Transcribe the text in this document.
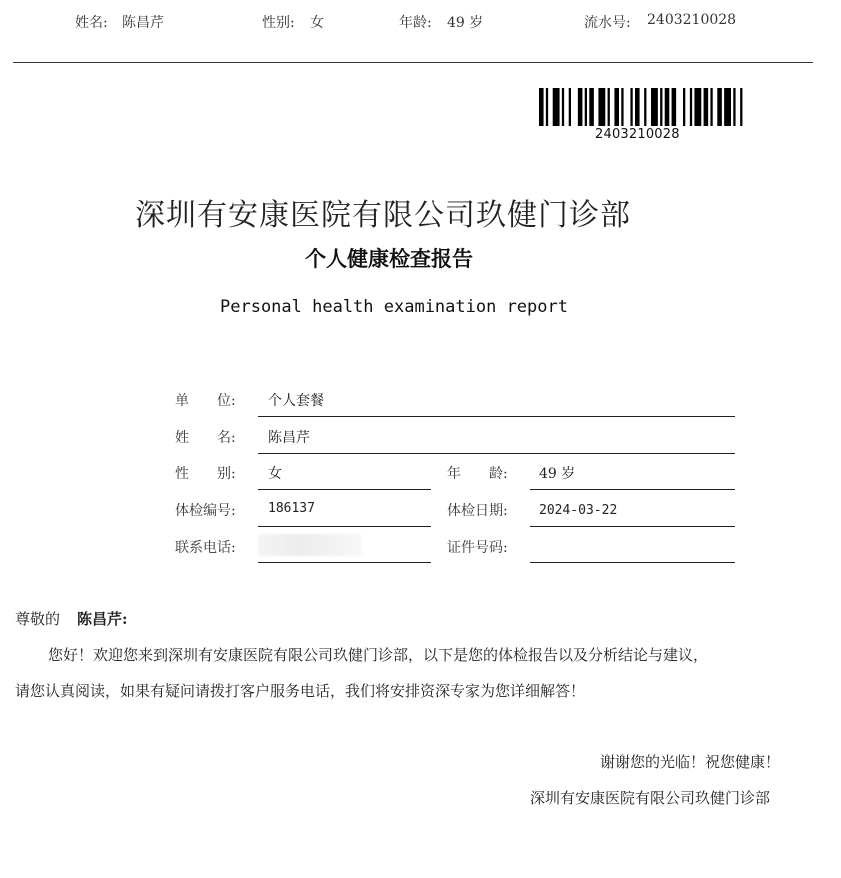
姓名: 陈昌芹	性别: 女	年龄: 49 岁	流水号: 2403210028
2403210028
深圳有安康医院有限公司玖健门诊部
个人健康检查报告
Personal health examination report
单　　位: 个人套餐
姓　　名: 陈昌芹
性　　别: 女	年　　龄: 49 岁
体检编号: 186137	体检日期: 2024-03-22
联系电话:	证件号码:
尊敬的 陈昌芹:
您好！欢迎您来到深圳有安康医院有限公司玖健门诊部，以下是您的体检报告以及分析结论与建议，
请您认真阅读，如果有疑问请拨打客户服务电话，我们将安排资深专家为您详细解答！
谢谢您的光临！祝您健康！
深圳有安康医院有限公司玖健门诊部
